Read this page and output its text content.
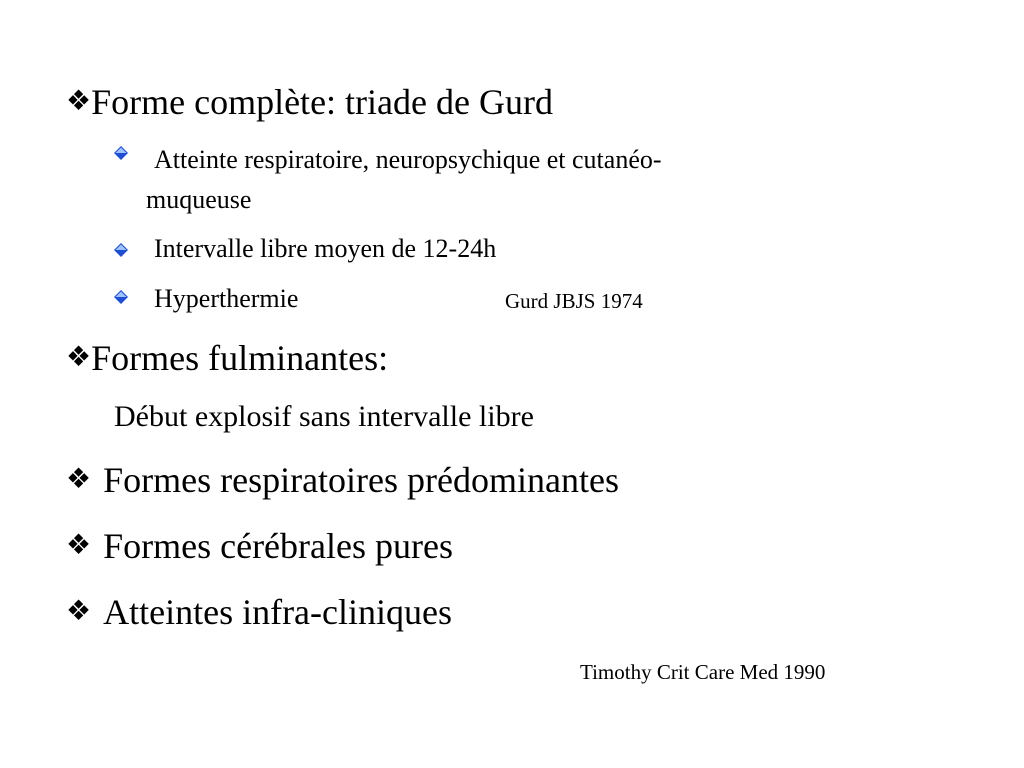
❖Forme complète: triade de Gurd
Atteinte respiratoire, neuropsychique et cutanéo-
muqueuse
Intervalle libre moyen de 12-24h
Hyperthermie	Gurd JBJS 1974
❖Formes fulminantes:
Début explosif sans intervalle libre
❖ Formes respiratoires prédominantes
❖ Formes cérébrales pures
❖ Atteintes infra-cliniques
Timothy Crit Care Med 1990
